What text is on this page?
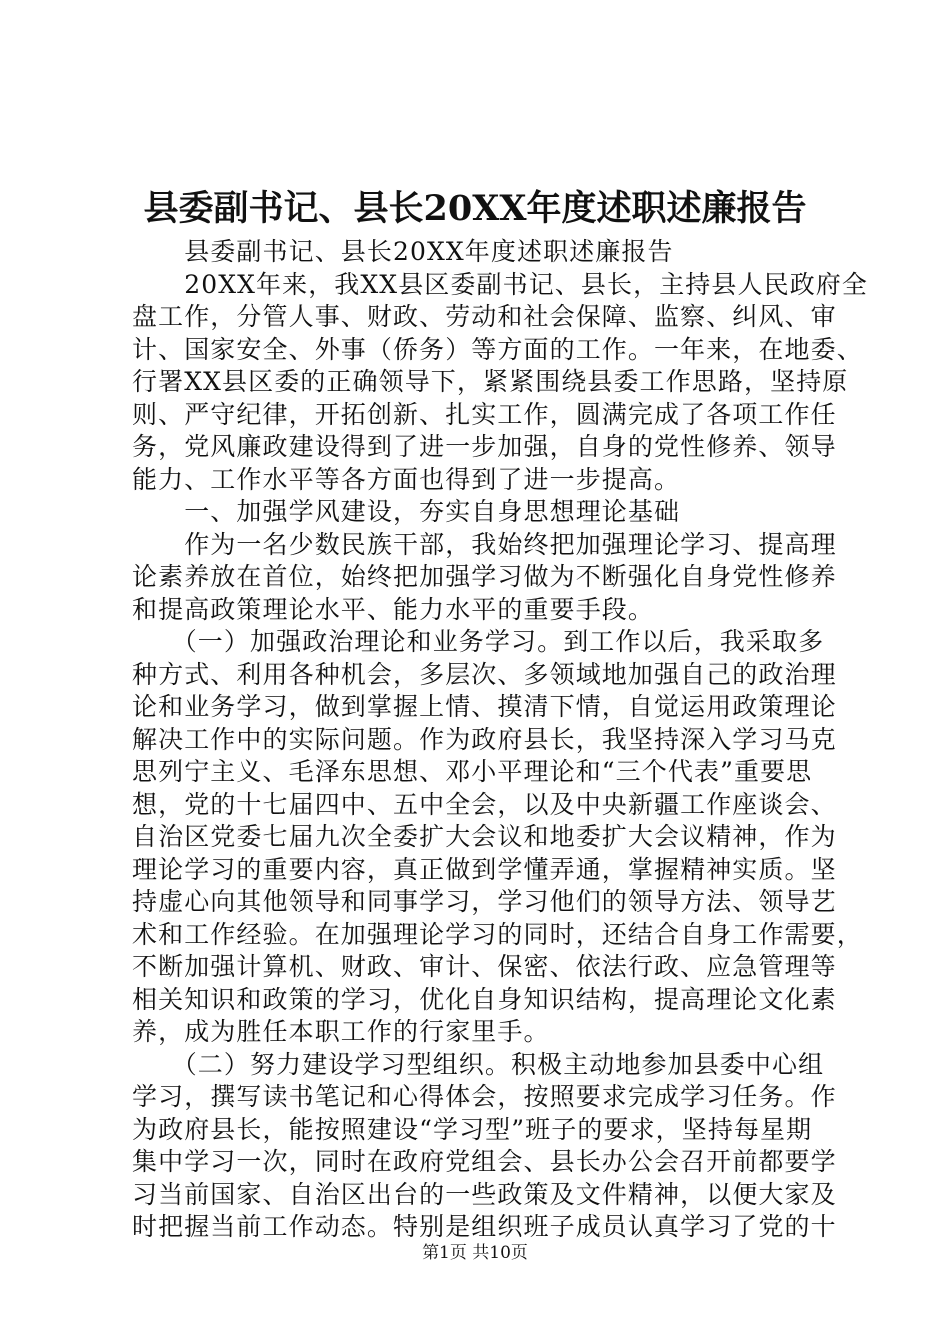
县委副书记、县长20XX年度述职述廉报告
　　县委副书记、县长20XX年度述职述廉报告
　　20XX年来，我XX县区委副书记、县长，主持县人民政府全
盘工作，分管人事、财政、劳动和社会保障、监察、纠风、审
计、国家安全、外事（侨务）等方面的工作。一年来，在地委、
行署XX县区委的正确领导下，紧紧围绕县委工作思路，坚持原
则、严守纪律，开拓创新、扎实工作，圆满完成了各项工作任
务，党风廉政建设得到了进一步加强，自身的党性修养、领导
能力、工作水平等各方面也得到了进一步提高。
　　一、加强学风建设，夯实自身思想理论基础
　　作为一名少数民族干部，我始终把加强理论学习、提高理
论素养放在首位，始终把加强学习做为不断强化自身党性修养
和提高政策理论水平、能力水平的重要手段。
　　（一）加强政治理论和业务学习。到工作以后，我采取多
种方式、利用各种机会，多层次、多领域地加强自己的政治理
论和业务学习，做到掌握上情、摸清下情，自觉运用政策理论
解决工作中的实际问题。作为政府县长，我坚持深入学习马克
思列宁主义、毛泽东思想、邓小平理论和“三个代表”重要思
想，党的十七届四中、五中全会，以及中央新疆工作座谈会、
自治区党委七届九次全委扩大会议和地委扩大会议精神，作为
理论学习的重要内容，真正做到学懂弄通，掌握精神实质。坚
持虚心向其他领导和同事学习，学习他们的领导方法、领导艺
术和工作经验。在加强理论学习的同时，还结合自身工作需要，
不断加强计算机、财政、审计、保密、依法行政、应急管理等
相关知识和政策的学习，优化自身知识结构，提高理论文化素
养，成为胜任本职工作的行家里手。
　　（二）努力建设学习型组织。积极主动地参加县委中心组
学习，撰写读书笔记和心得体会，按照要求完成学习任务。作
为政府县长，能按照建设“学习型”班子的要求，坚持每星期
集中学习一次，同时在政府党组会、县长办公会召开前都要学
习当前国家、自治区出台的一些政策及文件精神，以便大家及
时把握当前工作动态。特别是组织班子成员认真学习了党的十
第1页 共10页
